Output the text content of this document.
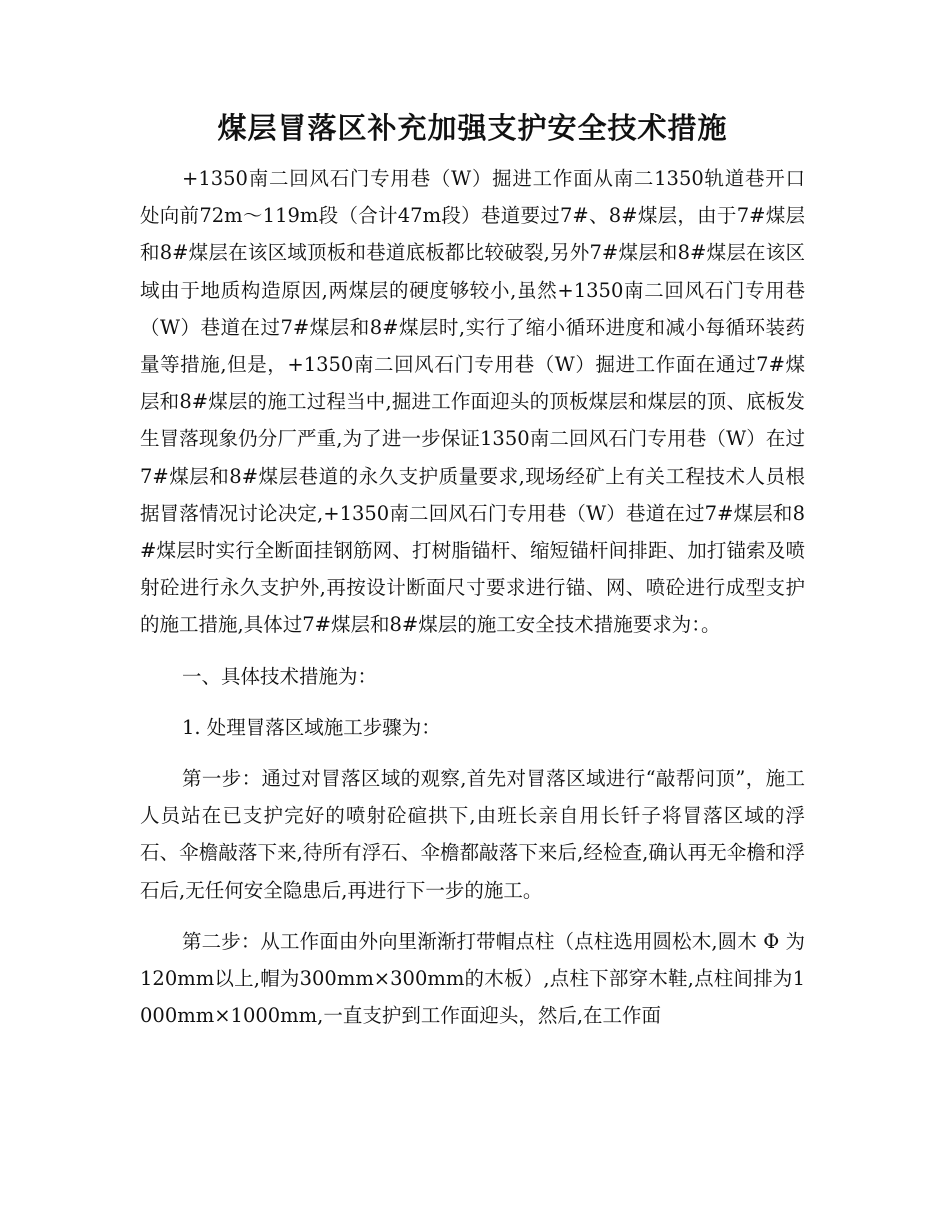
煤层冒落区补充加强支护安全技术措施

+1350南二回风石门专用巷（W）掘进工作面从南二1350轨道巷开口处向前72m～119m段（合计47m段）巷道要过7#、8#煤层，由于7#煤层和8#煤层在该区域顶板和巷道底板都比较破裂,另外7#煤层和8#煤层在该区域由于地质构造原因,两煤层的硬度够较小,虽然+1350南二回风石门专用巷（W）巷道在过7#煤层和8#煤层时,实行了缩小循环进度和减小每循环装药量等措施,但是，+1350南二回风石门专用巷（W）掘进工作面在通过7#煤层和8#煤层的施工过程当中,掘进工作面迎头的顶板煤层和煤层的顶、底板发生冒落现象仍分厂严重,为了进一步保证1350南二回风石门专用巷（W）在过7#煤层和8#煤层巷道的永久支护质量要求,现场经矿上有关工程技术人员根据冒落情况讨论决定,+1350南二回风石门专用巷（W）巷道在过7#煤层和8#煤层时实行全断面挂钢筋网、打树脂锚杆、缩短锚杆间排距、加打锚索及喷射砼进行永久支护外,再按设计断面尺寸要求进行锚、网、喷砼进行成型支护的施工措施,具体过7#煤层和8#煤层的施工安全技术措施要求为：。

一、具体技术措施为：

1. 处理冒落区域施工步骤为：

第一步：通过对冒落区域的观察,首先对冒落区域进行“敲帮问顶”，施工人员站在已支护完好的喷射砼碹拱下,由班长亲自用长钎子将冒落区域的浮石、伞檐敲落下来,待所有浮石、伞檐都敲落下来后,经检查,确认再无伞檐和浮石后,无任何安全隐患后,再进行下一步的施工。

第二步：从工作面由外向里渐渐打带帽点柱（点柱选用圆松木,圆木 Φ 为120mm以上,帽为300mm×300mm的木板）,点柱下部穿木鞋,点柱间排为1000mm×1000mm,一直支护到工作面迎头，然后,在工作面
